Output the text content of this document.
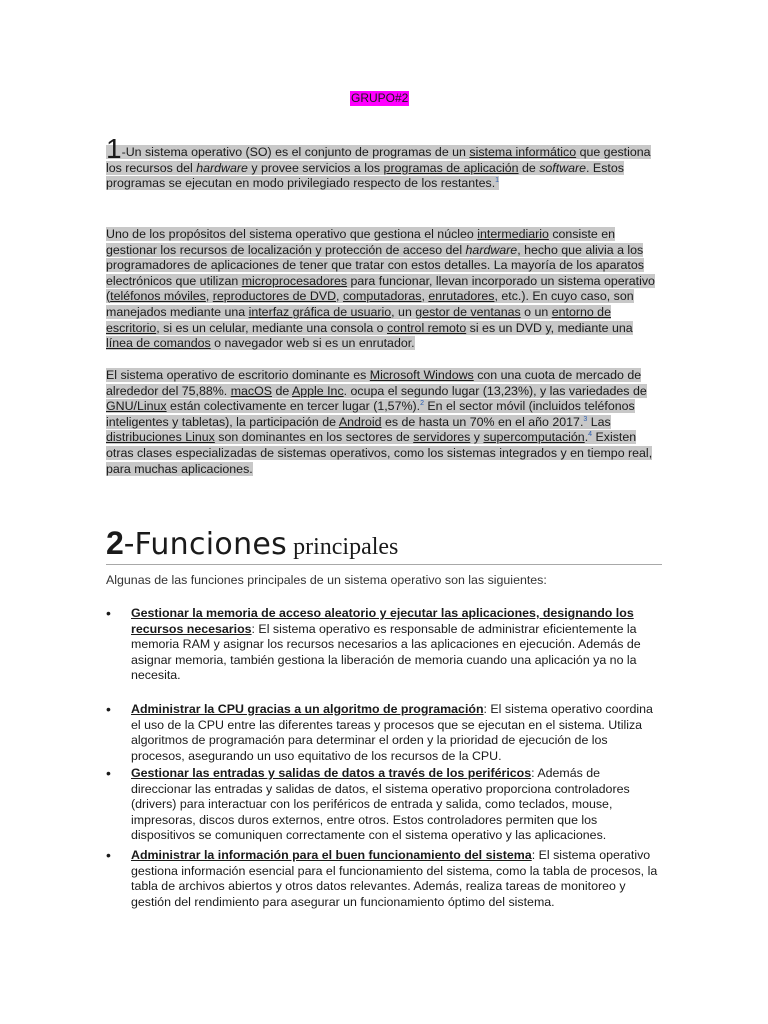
GRUPO#2

1-Un sistema operativo (SO) es el conjunto de programas de un sistema informático que gestiona los recursos del hardware y provee servicios a los programas de aplicación de software. Estos programas se ejecutan en modo privilegiado respecto de los restantes.$^1$

Uno de los propósitos del sistema operativo que gestiona el núcleo intermediario consiste en gestionar los recursos de localización y protección de acceso del hardware, hecho que alivia a los programadores de aplicaciones de tener que tratar con estos detalles. La mayoría de los aparatos electrónicos que utilizan microprocesadores para funcionar, llevan incorporado un sistema operativo (teléfonos móviles, reproductores de DVD, computadoras, enrutadores, etc.). En cuyo caso, son manejados mediante una interfaz gráfica de usuario, un gestor de ventanas o un entorno de escritorio, si es un celular, mediante una consola o control remoto si es un DVD y, mediante una línea de comandos o navegador web si es un enrutador.

El sistema operativo de escritorio dominante es Microsoft Windows con una cuota de mercado de alrededor del 75,88%. macOS de Apple Inc. ocupa el segundo lugar (13,23%), y las variedades de GNU/Linux están colectivamente en tercer lugar (1,57%).$^2$ En el sector móvil (incluidos teléfonos inteligentes y tabletas), la participación de Android es de hasta un 70% en el año 2017.$^3$ Las distribuciones Linux son dominantes en los sectores de servidores y supercomputación.$^4$ Existen otras clases especializadas de sistemas operativos, como los sistemas integrados y en tiempo real, para muchas aplicaciones.

2-Funciones principales
Algunas de las funciones principales de un sistema operativo son las siguientes:
• Gestionar la memoria de acceso aleatorio y ejecutar las aplicaciones, designando los recursos necesarios: El sistema operativo es responsable de administrar eficientemente la memoria RAM y asignar los recursos necesarios a las aplicaciones en ejecución. Además de asignar memoria, también gestiona la liberación de memoria cuando una aplicación ya no la necesita.
• Administrar la CPU gracias a un algoritmo de programación: El sistema operativo coordina el uso de la CPU entre las diferentes tareas y procesos que se ejecutan en el sistema. Utiliza algoritmos de programación para determinar el orden y la prioridad de ejecución de los procesos, asegurando un uso equitativo de los recursos de la CPU.
• Gestionar las entradas y salidas de datos a través de los periféricos: Además de direccionar las entradas y salidas de datos, el sistema operativo proporciona controladores (drivers) para interactuar con los periféricos de entrada y salida, como teclados, mouse, impresoras, discos duros externos, entre otros. Estos controladores permiten que los dispositivos se comuniquen correctamente con el sistema operativo y las aplicaciones.
• Administrar la información para el buen funcionamiento del sistema: El sistema operativo gestiona información esencial para el funcionamiento del sistema, como la tabla de procesos, la tabla de archivos abiertos y otros datos relevantes. Además, realiza tareas de monitoreo y gestión del rendimiento para asegurar un funcionamiento óptimo del sistema.
